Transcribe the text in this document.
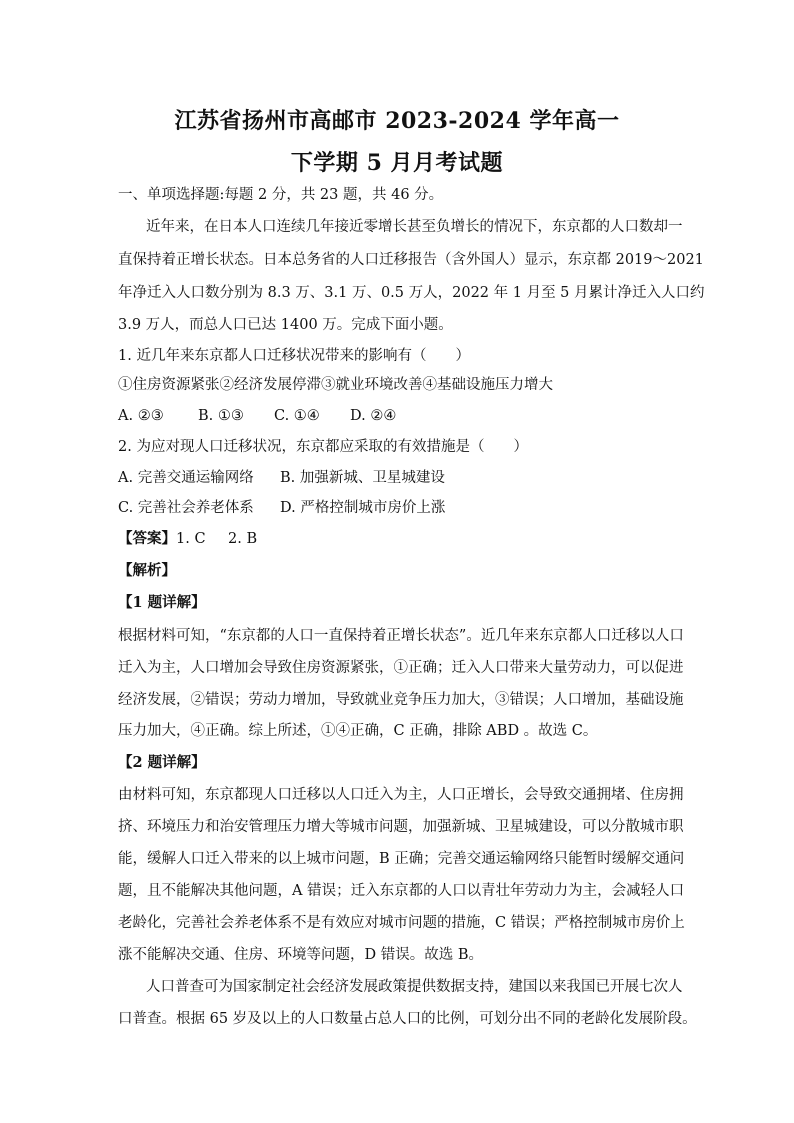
江苏省扬州市高邮市 2023-2024 学年高一
下学期 5 月月考试题
一、单项选择题:每题 2 分，共 23 题，共 46 分。
近年来，在日本人口连续几年接近零增长甚至负增长的情况下，东京都的人口数却一
直保持着正增长状态。日本总务省的人口迁移报告（含外国人）显示，东京都 2019～2021
年净迁入人口数分别为 8.3 万、3.1 万、0.5 万人，2022 年 1 月至 5 月累计净迁入人口约
3.9 万人，而总人口已达 1400 万。完成下面小题。
1. 近几年来东京都人口迁移状况带来的影响有（　　）
①住房资源紧张②经济发展停滞③就业环境改善④基础设施压力增大
A. ②③ B. ①③ C. ①④ D. ②④
2. 为应对现人口迁移状况，东京都应采取的有效措施是（　　）
A. 完善交通运输网络 B. 加强新城、卫星城建设
C. 完善社会养老体系 D. 严格控制城市房价上涨
【答案】1. C 2. B
【解析】
【1 题详解】
根据材料可知，“东京都的人口一直保持着正增长状态”。近几年来东京都人口迁移以人口
迁入为主，人口增加会导致住房资源紧张，①正确；迁入人口带来大量劳动力，可以促进
经济发展，②错误；劳动力增加，导致就业竞争压力加大，③错误；人口增加，基础设施
压力加大，④正确。综上所述，①④正确，C 正确，排除 ABD 。故选 C。
【2 题详解】
由材料可知，东京都现人口迁移以人口迁入为主，人口正增长，会导致交通拥堵、住房拥
挤、环境压力和治安管理压力增大等城市问题，加强新城、卫星城建设，可以分散城市职
能，缓解人口迁入带来的以上城市问题，B 正确；完善交通运输网络只能暂时缓解交通问
题，且不能解决其他问题，A 错误；迁入东京都的人口以青壮年劳动力为主，会减轻人口
老龄化，完善社会养老体系不是有效应对城市问题的措施，C 错误；严格控制城市房价上
涨不能解决交通、住房、环境等问题，D 错误。故选 B。
人口普查可为国家制定社会经济发展政策提供数据支持，建国以来我国已开展七次人
口普查。根据 65 岁及以上的人口数量占总人口的比例，可划分出不同的老龄化发展阶段。
